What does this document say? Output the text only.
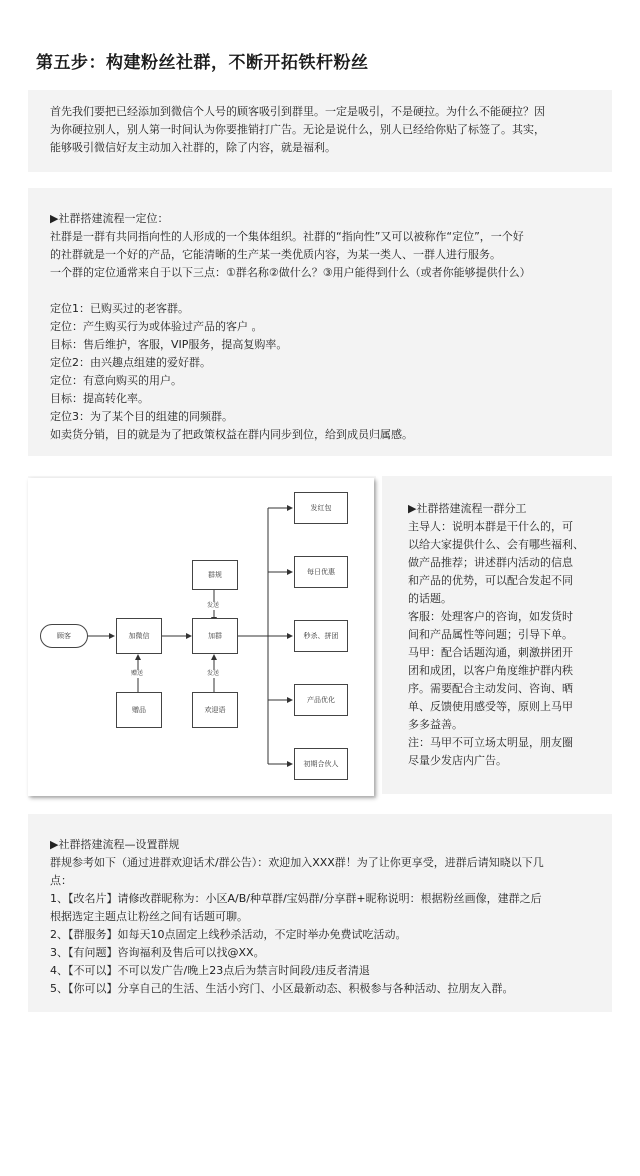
第五步：构建粉丝社群，不断开拓铁杆粉丝

首先我们要把已经添加到微信个人号的顾客吸引到群里。一定是吸引，不是硬拉。为什么不能硬拉？因

为你硬拉别人，别人第一时间认为你要推销打广告。无论是说什么，别人已经给你贴了标签了。其实，

能够吸引微信好友主动加入社群的，除了内容，就是福利。

▶社群搭建流程一定位：

社群是一群有共同指向性的人形成的一个集体组织。社群的“指向性”又可以被称作“定位”，一个好

的社群就是一个好的产品，它能清晰的生产某一类优质内容，为某一类人、一群人进行服务。

一个群的定位通常来自于以下三点：①群名称②做什么？③用户能得到什么（或者你能够提供什么）

定位1：已购买过的老客群。

定位：产生购买行为或体验过产品的客户 。

目标：售后维护，客服，VIP服务，提高复购率。

定位2：由兴趣点组建的爱好群。

定位：有意向购买的用户。

目标：提高转化率。

定位3：为了某个目的组建的同频群。

如卖货分销，目的就是为了把政策权益在群内同步到位，给到成员归属感。

顾客	加微信	加群
群规
赠品	欢迎语
发送
赠送	发送
发红包
每日优惠
秒杀、拼团
产品优化
初期合伙人

▶社群搭建流程一群分工

主导人：说明本群是干什么的，可

以给大家提供什么、会有哪些福利、

做产品推荐；讲述群内活动的信息

和产品的优势，可以配合发起不同

的话题。

客服：处理客户的咨询，如发货时

间和产品属性等问题；引导下单。

马甲：配合话题沟通，刺激拼团开

团和成团，以客户角度维护群内秩

序。需要配合主动发问、咨询、晒

单、反馈使用感受等，原则上马甲

多多益善。

注：马甲不可立场太明显，朋友圈

尽量少发店内广告。

▶社群搭建流程—设置群规

群规参考如下（通过进群欢迎话术/群公告）：欢迎加入XXX群！为了让你更享受，进群后请知晓以下几

点：

1、【改名片】请修改群昵称为：小区A/B/种草群/宝妈群/分享群+昵称说明：根据粉丝画像，建群之后

根据选定主题点让粉丝之间有话题可聊。

2、【群服务】如每天10点固定上线秒杀活动，不定时举办免费试吃活动。

3、【有问题】咨询福利及售后可以找@XX。

4、【不可以】不可以发广告/晚上23点后为禁言时间段/违反者清退

5、【你可以】分享自己的生活、生活小窍门、小区最新动态、积极参与各种活动、拉朋友入群。
